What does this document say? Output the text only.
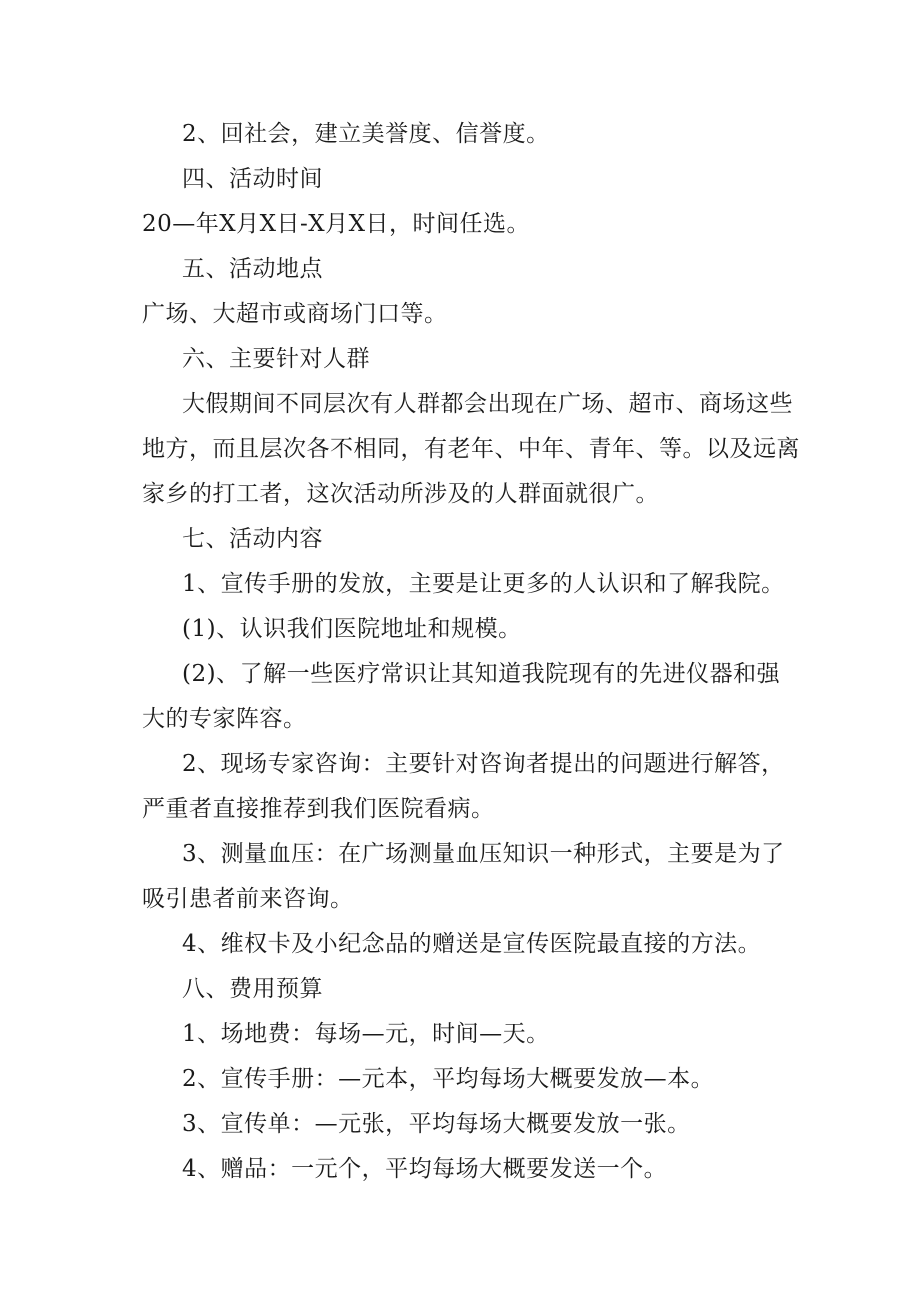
2、回社会，建立美誉度、信誉度。
四、活动时间
20—年X月X日-X月X日，时间任选。
五、活动地点
广场、大超市或商场门口等。
六、主要针对人群
大假期间不同层次有人群都会出现在广场、超市、商场这些
地方，而且层次各不相同，有老年、中年、青年、等。以及远离
家乡的打工者，这次活动所涉及的人群面就很广。
七、活动内容
1、宣传手册的发放，主要是让更多的人认识和了解我院。
(1)、认识我们医院地址和规模。
(2)、了解一些医疗常识让其知道我院现有的先进仪器和强
大的专家阵容。
2、现场专家咨询：主要针对咨询者提出的问题进行解答，
严重者直接推荐到我们医院看病。
3、测量血压：在广场测量血压知识一种形式，主要是为了
吸引患者前来咨询。
4、维权卡及小纪念品的赠送是宣传医院最直接的方法。
八、费用预算
1、场地费：每场—元，时间—天。
2、宣传手册：—元本，平均每场大概要发放—本。
3、宣传单：—元张，平均每场大概要发放一张。
4、赠品：一元个，平均每场大概要发送一个。
